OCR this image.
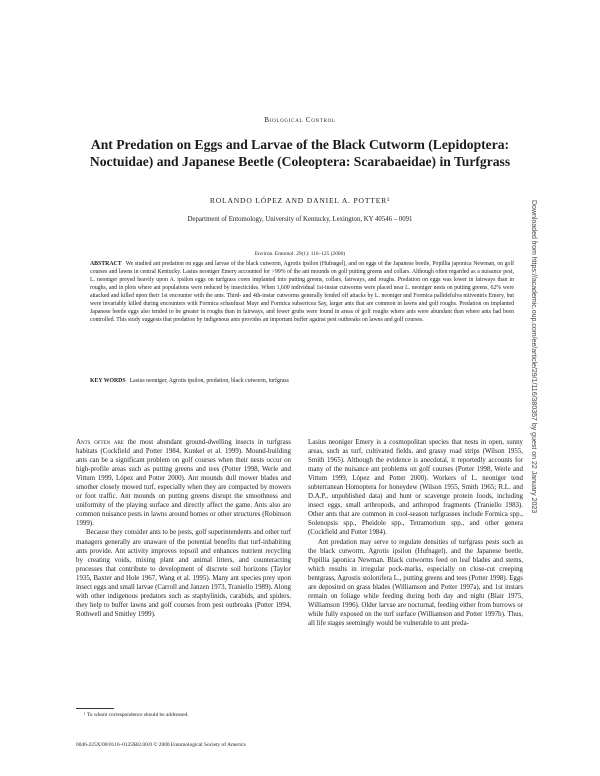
Biological Control
Ant Predation on Eggs and Larvae of the Black Cutworm (Lepidoptera: Noctuidae) and Japanese Beetle (Coleoptera: Scarabaeidae) in Turfgrass
ROLANDO LÓPEZ AND DANIEL A. POTTER¹
Department of Entomology, University of Kentucky, Lexington, KY 40546 – 0091
Environ. Entomol. 29(1): 116–125 (2000)

ABSTRACT We studied ant predation on eggs and larvae of the black cutworm, Agrotis ipsilon (Hufnagel), and on eggs of the Japanese beetle, Popillia japonica Newman, on golf courses and lawns in central Kentucky. Lasius neoniger Emery accounted for >99% of the ant mounds on golf putting greens and collars. Although often regarded as a nuisance pest, L. neoniger preyed heavily upon A. ipsilon eggs on turfgrass cores implanted into putting greens, collars, fairways, and roughs. Predation on eggs was lower in fairways than in roughs, and in plots where ant populations were reduced by insecticides. When 1,600 individual 1st-instar cutworms were placed near L. neoniger nests on putting greens, 62% were attacked and killed upon their 1st encounter with the ants. Third- and 4th-instar cutworms generally fended off attacks by L. neoniger and Formica pallidefulva nitiventris Emery, but were invariably killed during encounters with Formica schaufussi Mayr and Formica subsericea Say, larger ants that are common in lawns and golf roughs. Predation on implanted Japanese beetle eggs also tended to be greater in roughs than in fairways, and fewer grubs were found in areas of golf roughs where ants were abundant than where ants had been controlled. This study suggests that predation by indigenous ants provides an important buffer against pest outbreaks on lawns and golf courses.

KEY WORDS Lasius neoniger, Agrotis ipsilon, predation, black cutworm, turfgrass

Ants often are the most abundant ground-dwelling insects in turfgrass habitats (Cockfield and Potter 1984, Kunkel et al. 1999). Mound-building ants can be a significant problem on golf courses when their nests occur on high-profile areas such as putting greens and tees (Potter 1998, Werle and Vittum 1999, López and Potter 2000). Ant mounds dull mower blades and smother closely mowed turf, especially when they are compacted by mowers or foot traffic. Ant mounds on putting greens disrupt the smoothness and uniformity of the playing surface and directly affect the game. Ants also are common nuisance pests in lawns around homes or other structures (Robinson 1999).

Because they consider ants to be pests, golf superintendents and other turf managers generally are unaware of the potential benefits that turf-inhabiting ants provide. Ant activity improves topsoil and enhances nutrient recycling by creating voids, mixing plant and animal litters, and counteracting processes that contribute to development of discrete soil horizons (Taylor 1935, Baxter and Hole 1967, Wang et al. 1995). Many ant species prey upon insect eggs and small larvae (Carroll and Janzen 1973, Traniello 1989). Along with other indigenous predators such as staphylinids, carabids, and spiders, they help to buffer lawns and golf courses from pest outbreaks (Potter 1994, Rothwell and Smitley 1999).

Lasius neoniger Emery is a cosmopolitan species that nests in open, sunny areas, such as turf, cultivated fields, and grassy road strips (Wilson 1955, Smith 1965). Although the evidence is anecdotal, it reportedly accounts for many of the nuisance ant problems on golf courses (Potter 1998, Werle and Vittum 1999, López and Potter 2000). Workers of L. neoniger tend subterranean Homoptera for honeydew (Wilson 1955, Smith 1965; R.L. and D.A.P., unpublished data) and hunt or scavenge protein foods, including insect eggs, small arthropods, and arthropod fragments (Traniello 1983). Other ants that are common in cool-season turfgrasses include Formica spp., Solenopsis spp., Pheidole spp., Tetramorium spp., and other genera (Cockfield and Potter 1984).

Ant predation may serve to regulate densities of turfgrass pests such as the black cutworm, Agrotis ipsilon (Hufnagel), and the Japanese beetle, Popillia japonica Newman. Black cutworms feed on leaf blades and stems, which results in irregular pock-marks, especially on close-cut creeping bentgrass, Agrostis stolonifera L., putting greens and tees (Potter 1998). Eggs are deposited on grass blades (Williamson and Potter 1997a), and 1st instars remain on foliage while feeding during both day and night (Blair 1975, Williamson 1996). Older larvae are nocturnal, feeding either from burrows or while fully exposed on the turf surface (Williamson and Potter 1997b). Thus, all life stages seemingly would be vulnerable to ant preda-

¹ To whom correspondence should be addressed.
0046-225X/00/0116–0125$02.00/0 © 2000 Entomological Society of America
Downloaded from https://academic.oup.com/ee/article/29/1/116/380357 by guest on 22 January 2023
